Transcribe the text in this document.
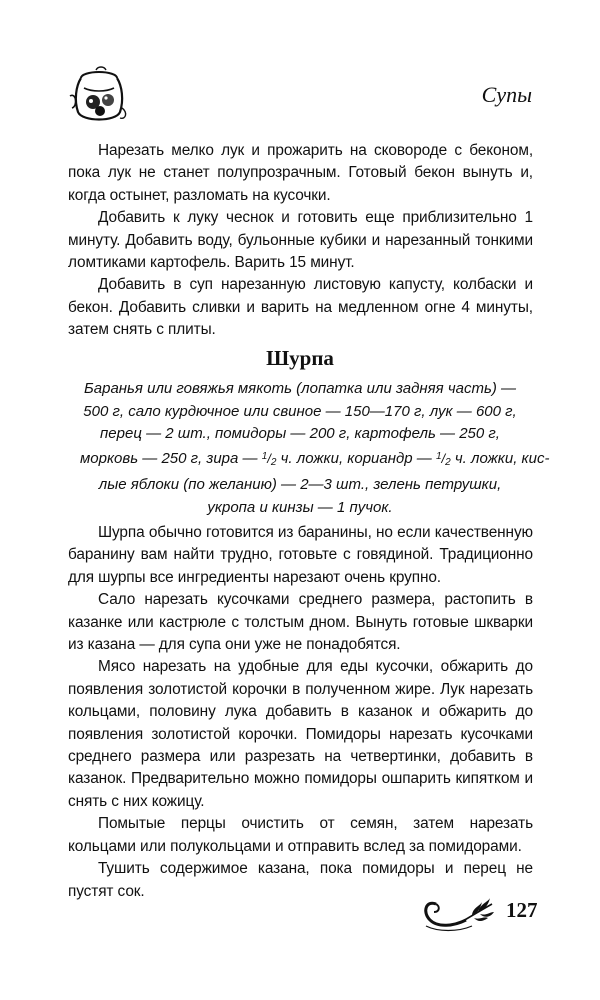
Супы

Нарезать мелко лук и прожарить на сковороде с беконом, пока лук не станет полупрозрачным. Готовый бекон вынуть и, когда остынет, разломать на кусочки.

Добавить к луку чеснок и готовить еще приблизительно 1 минуту. Добавить воду, бульонные кубики и нарезанный тонкими ломтиками картофель. Варить 15 минут.

Добавить в суп нарезанную листовую капусту, колбаски и бекон. Добавить сливки и варить на медленном огне 4 минуты, затем снять с плиты.

Шурпа
Баранья или говяжья мякоть (лопатка или задняя часть) —
500 г, сало курдючное или свиное — 150—170 г, лук — 600 г,
перец — 2 шт., помидоры — 200 г, картофель — 250 г,
морковь — 250 г, зира — $^1/_2$ ч. ложки, кориандр — $^1/_2$ ч. ложки, кис-
лые яблоки (по желанию) — 2—3 шт., зелень петрушки,
укропа и кинзы — 1 пучок.

Шурпа обычно готовится из баранины, но если качественную баранину вам найти трудно, готовьте с говядиной. Традиционно для шурпы все ингредиенты нарезают очень крупно.

Сало нарезать кусочками среднего размера, растопить в казанке или кастрюле с толстым дном. Вынуть готовые шкварки из казана — для супа они уже не понадобятся.

Мясо нарезать на удобные для еды кусочки, обжарить до появления золотистой корочки в полученном жире. Лук нарезать кольцами, половину лука добавить в казанок и обжарить до появления золотистой корочки. Помидоры нарезать кусочками среднего размера или разрезать на четвертинки, добавить в казанок. Предварительно можно помидоры ошпарить кипятком и снять с них кожицу.

Помытые перцы очистить от семян, затем нарезать кольцами или полукольцами и отправить вслед за помидорами.

Тушить содержимое казана, пока помидоры и перец не пустят сок.

127
